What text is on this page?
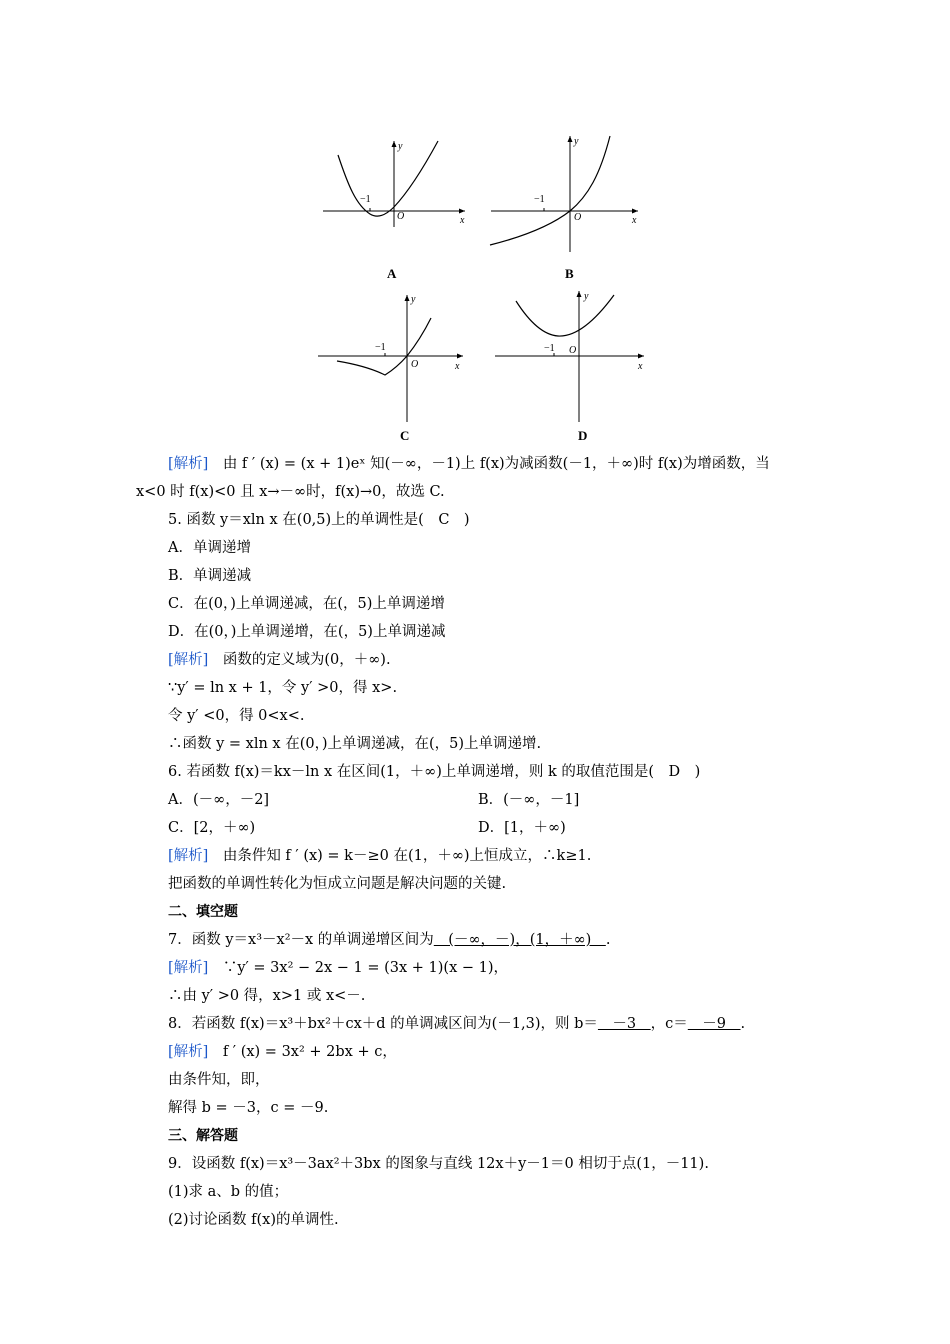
−1
O	x
y
A
−1
O	x
y
B
−1
O	x
y
C
−1 O
x
y
D
[解析]　由 f ′ (x) = (x + 1)eˣ 知(－∞，－1)上 f(x)为减函数(－1，＋∞)时 f(x)为增函数，当
x<0 时 f(x)<0 且 x→－∞时，f(x)→0，故选 C.
5. 函数 y＝xln x 在(0,5)上的单调性是(　C　)
A．单调递增
B．单调递减
C．在(0，)上单调递减，在(，5)上单调递增
D．在(0，)上单调递增，在(，5)上单调递减
[解析]　函数的定义域为(0，＋∞).
∵y′ = ln x + 1，令 y′ >0，得 x>.
令 y′ <0，得 0<x<.
∴函数 y = xln x 在(0，)上单调递减，在(，5)上单调递增.
6. 若函数 f(x)＝kx－ln x 在区间(1，＋∞)上单调递增，则 k 的取值范围是(　D　)
A．(－∞，－2]	B．(－∞，－1]
C．[2，＋∞)	D．[1，＋∞)
[解析]　由条件知 f ′ (x) = k－≥0 在(1，＋∞)上恒成立，∴k≥1.
把函数的单调性转化为恒成立问题是解决问题的关键.
二、填空题
7．函数 y＝x³－x²－x 的单调递增区间为　(－∞，－)，(1，＋∞)　.
[解析]　∵y′ = 3x² − 2x − 1 = (3x + 1)(x − 1)，
∴由 y′ >0 得，x>1 或 x<－.
8．若函数 f(x)＝x³＋bx²＋cx＋d 的单调减区间为(－1,3)，则 b＝　－3　，c＝　－9　.
[解析]　f ′ (x) = 3x² + 2bx + c，
由条件知，即，
解得 b = －3，c = －9.
三、解答题
9．设函数 f(x)＝x³－3ax²＋3bx 的图象与直线 12x＋y－1＝0 相切于点(1，－11).
(1)求 a、b 的值；
(2)讨论函数 f(x)的单调性.
